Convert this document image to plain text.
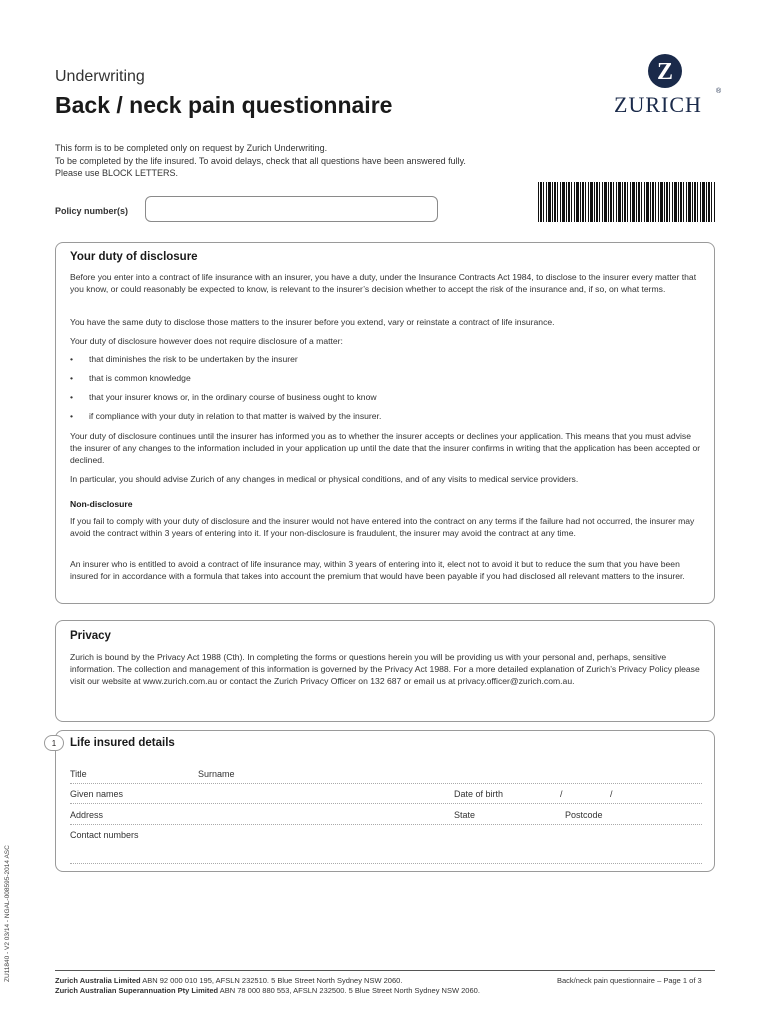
Underwriting
Back / neck pain questionnaire
Z
ZURICH
®
This form is to be completed only on request by Zurich Underwriting.
To be completed by the life insured. To avoid delays, check that all questions have been answered fully. Please use BLOCK LETTERS.
Policy number(s)
Your duty of disclosure

Before you enter into a contract of life insurance with an insurer, you have a duty, under the Insurance Contracts Act 1984, to disclose to the insurer every matter that you know, or could reasonably be expected to know, is relevant to the insurer’s decision whether to accept the risk of the insurance and, if so, on what terms.

You have the same duty to disclose those matters to the insurer before you extend, vary or reinstate a contract of life insurance.

Your duty of disclosure however does not require disclosure of a matter:

• that diminishes the risk to be undertaken by the insurer
• that is common knowledge
• that your insurer knows or, in the ordinary course of business ought to know
• if compliance with your duty in relation to that matter is waived by the insurer.

Your duty of disclosure continues until the insurer has informed you as to whether the insurer accepts or declines your application. This means that you must advise the insurer of any changes to the information included in your application up until the date that the insurer confirms in writing that the application has been accepted or declined.

In particular, you should advise Zurich of any changes in medical or physical conditions, and of any visits to medical service providers.

Non-disclosure

If you fail to comply with your duty of disclosure and the insurer would not have entered into the contract on any terms if the failure had not occurred, the insurer may avoid the contract within 3 years of entering into it. If your non-disclosure is fraudulent, the insurer may avoid the contract at any time.

An insurer who is entitled to avoid a contract of life insurance may, within 3 years of entering into it, elect not to avoid it but to reduce the sum that you have been insured for in accordance with a formula that takes into account the premium that would have been payable if you had disclosed all relevant matters to the insurer.

Privacy

Zurich is bound by the Privacy Act 1988 (Cth). In completing the forms or questions herein you will be providing us with your personal and, perhaps, sensitive information. The collection and management of this information is governed by the Privacy Act 1988. For a more detailed explanation of Zurich’s Privacy Policy please visit our website at www.zurich.com.au or contact the Zurich Privacy Officer on 132 687 or email us at privacy.officer@zurich.com.au.

1	Life insured details
Title	Surname
Given names	Date of birth	/	/
Address	State	Postcode
Contact numbers
ZU11840 - V2 03/14 - NGAL-008595-2014 ASC	Zurich Australia Limited ABN 92 000 010 195, AFSLN 232510. 5 Blue Street North Sydney NSW 2060.
Zurich Australian Superannuation Pty Limited ABN 78 000 880 553, AFSLN 232500. 5 Blue Street North Sydney NSW 2060.
Back/neck pain questionnaire – Page 1 of 3
